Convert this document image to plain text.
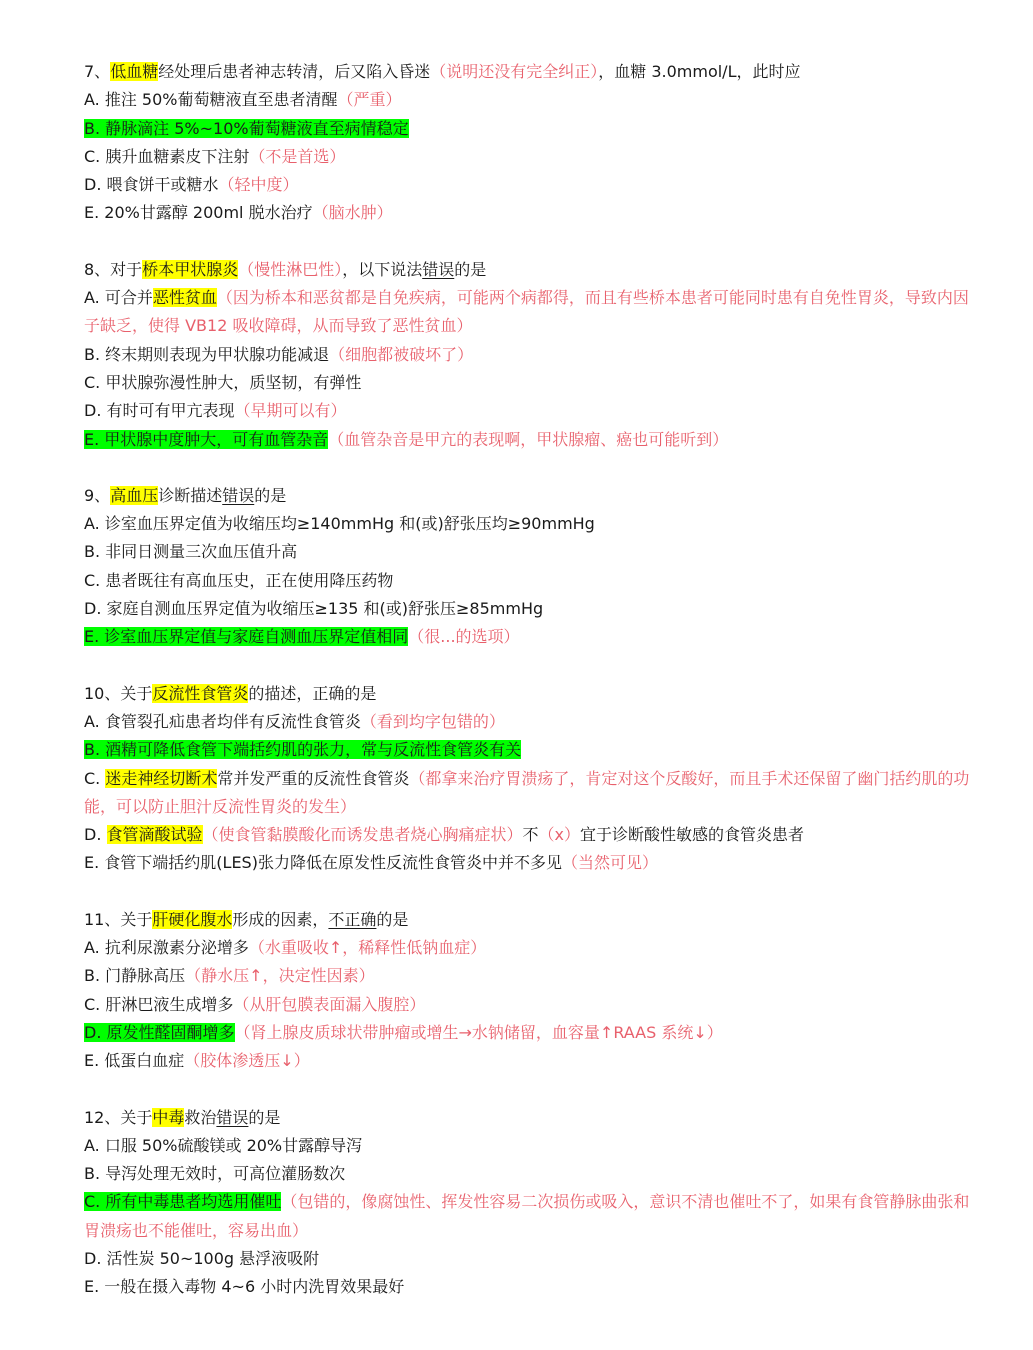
7、低血糖经处理后患者神志转清，后又陷入昏迷（说明还没有完全纠正），血糖 3.0mmol/L，此时应
A. 推注 50%葡萄糖液直至患者清醒（严重）
B. 静脉滴注 5%~10%葡萄糖液直至病情稳定
C. 胰升血糖素皮下注射（不是首选）
D. 喂食饼干或糖水（轻中度）
E. 20%甘露醇 200ml 脱水治疗（脑水肿）
8、对于桥本甲状腺炎（慢性淋巴性），以下说法错误的是
A. 可合并恶性贫血（因为桥本和恶贫都是自免疾病，可能两个病都得，而且有些桥本患者可能同时患有自免性胃炎，导致内因子缺乏，使得 VB12 吸收障碍，从而导致了恶性贫血）
B. 终末期则表现为甲状腺功能减退（细胞都被破坏了）
C. 甲状腺弥漫性肿大，质坚韧，有弹性
D. 有时可有甲亢表现（早期可以有）
E. 甲状腺中度肿大，可有血管杂音（血管杂音是甲亢的表现啊，甲状腺瘤、癌也可能听到）
9、高血压诊断描述错误的是
A. 诊室血压界定值为收缩压均≥140mmHg 和(或)舒张压均≥90mmHg
B. 非同日测量三次血压值升高
C. 患者既往有高血压史，正在使用降压药物
D. 家庭自测血压界定值为收缩压≥135 和(或)舒张压≥85mmHg
E. 诊室血压界定值与家庭自测血压界定值相同（很...的选项）
10、关于反流性食管炎的描述，正确的是
A. 食管裂孔疝患者均伴有反流性食管炎（看到均字包错的）
B. 酒精可降低食管下端括约肌的张力，常与反流性食管炎有关
C. 迷走神经切断术常并发严重的反流性食管炎（都拿来治疗胃溃疡了，肯定对这个反酸好，而且手术还保留了幽门括约肌的功能，可以防止胆汁反流性胃炎的发生）
D. 食管滴酸试验（使食管黏膜酸化而诱发患者烧心胸痛症状）不（x）宜于诊断酸性敏感的食管炎患者
E. 食管下端括约肌(LES)张力降低在原发性反流性食管炎中并不多见（当然可见）
11、关于肝硬化腹水形成的因素，不正确的是
A. 抗利尿激素分泌增多（水重吸收↑，稀释性低钠血症）
B. 门静脉高压（静水压↑，决定性因素）
C. 肝淋巴液生成增多（从肝包膜表面漏入腹腔）
D. 原发性醛固酮增多（肾上腺皮质球状带肿瘤或增生→水钠储留，血容量↑RAAS 系统↓）
E. 低蛋白血症（胶体渗透压↓）
12、关于中毒救治错误的是
A. 口服 50%硫酸镁或 20%甘露醇导泻
B. 导泻处理无效时，可高位灌肠数次
C. 所有中毒患者均选用催吐（包错的，像腐蚀性、挥发性容易二次损伤或吸入，意识不清也催吐不了，如果有食管静脉曲张和胃溃疡也不能催吐，容易出血）
D. 活性炭 50~100g 悬浮液吸附
E. 一般在摄入毒物 4~6 小时内洗胃效果最好
